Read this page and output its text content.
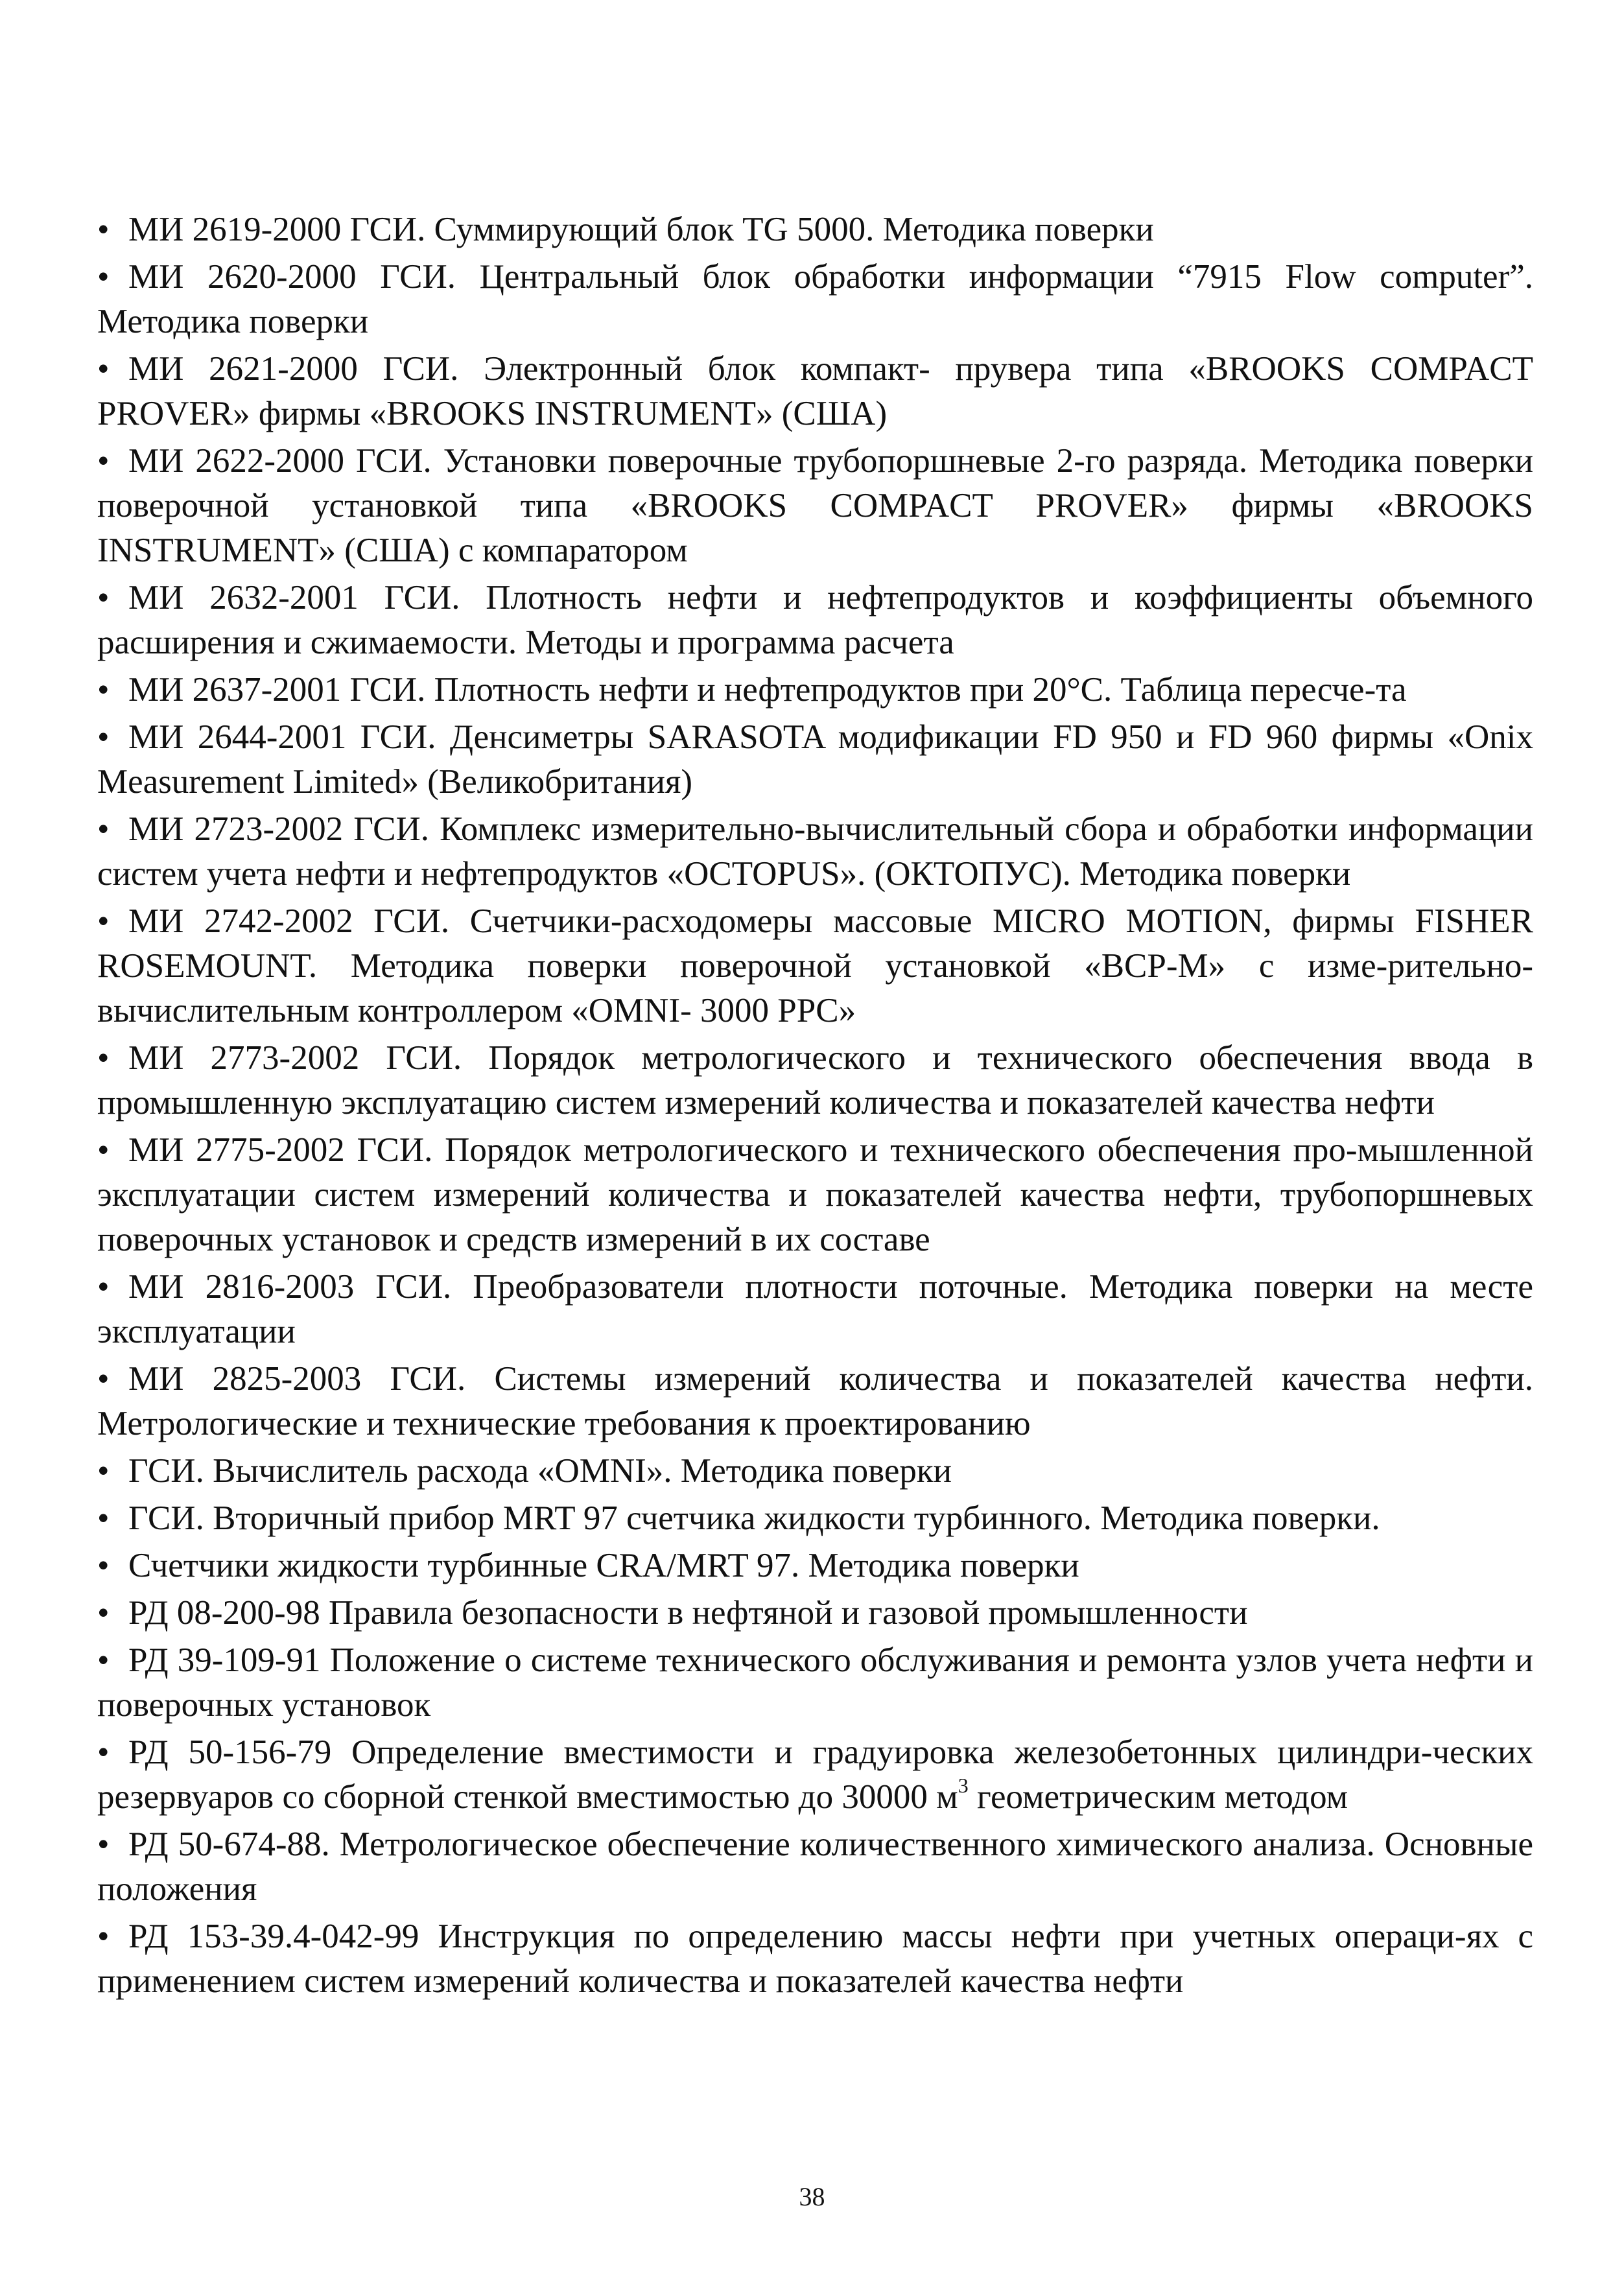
• МИ 2619-2000 ГСИ. Суммирующий блок TG 5000. Методика поверки

• МИ 2620-2000 ГСИ. Центральный блок обработки информации “7915 Flow computer”. Методика поверки

• МИ 2621-2000 ГСИ. Электронный блок компакт- прувера типа «BROOKS COMPACT PROVER» фирмы «BROOKS INSTRUMENT» (США)

• МИ 2622-2000 ГСИ. Установки поверочные трубопоршневые 2-го разряда. Методика поверки поверочной установкой типа «BROOKS COMPACT PROVER» фирмы «BROOKS INSTRUMENT» (США) с компаратором

• МИ 2632-2001 ГСИ. Плотность нефти и нефтепродуктов и коэффициенты объемного расширения и сжимаемости. Методы и программа расчета

• МИ 2637-2001 ГСИ. Плотность нефти и нефтепродуктов при 20°С. Таблица пересче-та

• МИ 2644-2001 ГСИ. Денсиметры SARASOTA модификации FD 950 и FD 960 фирмы «Onix Measurement Limited» (Великобритания)

• МИ 2723-2002 ГСИ. Комплекс измерительно-вычислительный сбора и обработки информации систем учета нефти и нефтепродуктов «OCTOPUS». (ОКТОПУС). Методика поверки

• МИ 2742-2002 ГСИ. Счетчики-расходомеры массовые MICRO MOTION, фирмы FISHER ROSEMOUNT. Методика поверки поверочной установкой «ВСР-М» с изме-рительно-вычислительным контроллером «OMNI- 3000 PPC»

• МИ 2773-2002 ГСИ. Порядок метрологического и технического обеспечения ввода в промышленную эксплуатацию систем измерений количества и показателей качества нефти

• МИ 2775-2002 ГСИ. Порядок метрологического и технического обеспечения про-мышленной эксплуатации систем измерений количества и показателей качества нефти, трубопоршневых поверочных установок и средств измерений в их составе

• МИ 2816-2003 ГСИ. Преобразователи плотности поточные. Методика поверки на месте эксплуатации

• МИ 2825-2003 ГСИ. Системы измерений количества и показателей качества нефти. Метрологические и технические требования к проектированию

• ГСИ. Вычислитель расхода «OMNI». Методика поверки

• ГСИ. Вторичный прибор MRT 97 счетчика жидкости турбинного. Методика поверки.

• Счетчики жидкости турбинные CRA/MRT 97. Методика поверки

• РД 08-200-98 Правила безопасности в нефтяной и газовой промышленности

• РД 39-109-91 Положение о системе технического обслуживания и ремонта узлов учета нефти и поверочных установок

• РД 50-156-79 Определение вместимости и градуировка железобетонных цилиндри-ческих резервуаров со сборной стенкой вместимостью до 30000 $м^3$ геометрическим методом

• РД 50-674-88. Метрологическое обеспечение количественного химического анализа. Основные положения

• РД 153-39.4-042-99 Инструкция по определению массы нефти при учетных операци-ях с применением систем измерений количества и показателей качества нефти

38
